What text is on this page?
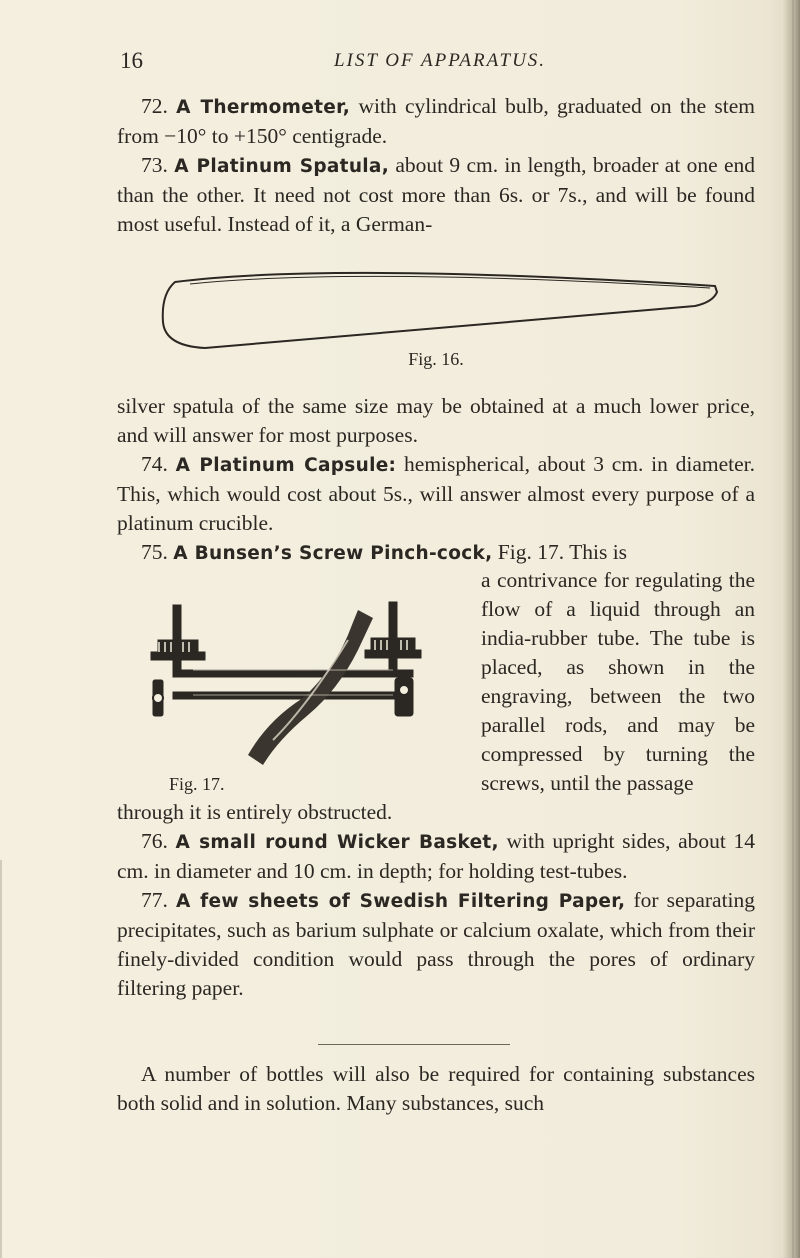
16	LIST OF APPARATUS.

72. A Thermometer, with cylindrical bulb, graduated on the stem from −10° to +150° centigrade.

73. A Platinum Spatula, about 9 cm. in length, broader at one end than the other. It need not cost more than 6s. or 7s., and will be found most useful. Instead of it, a German-

Fig. 16.

silver spatula of the same size may be obtained at a much lower price, and will answer for most purposes.

74. A Platinum Capsule: hemispherical, about 3 cm. in diameter. This, which would cost about 5s., will answer almost every purpose of a platinum crucible.

75. A Bunsen’s Screw Pinch-cock, Fig. 17. This is

a contrivance for regulating the flow of a liquid through an india-rubber tube. The tube is placed, as shown in the engraving, between the two parallel rods, and may be compressed by turning the screws, until the passage
Fig. 17.

through it is entirely obstructed.

76. A small round Wicker Basket, with upright sides, about 14 cm. in diameter and 10 cm. in depth; for holding test-tubes.

77. A few sheets of Swedish Filtering Paper, for separating precipitates, such as barium sulphate or calcium oxalate, which from their finely-divided condition would pass through the pores of ordinary filtering paper.

A number of bottles will also be required for containing substances both solid and in solution. Many substances, such
